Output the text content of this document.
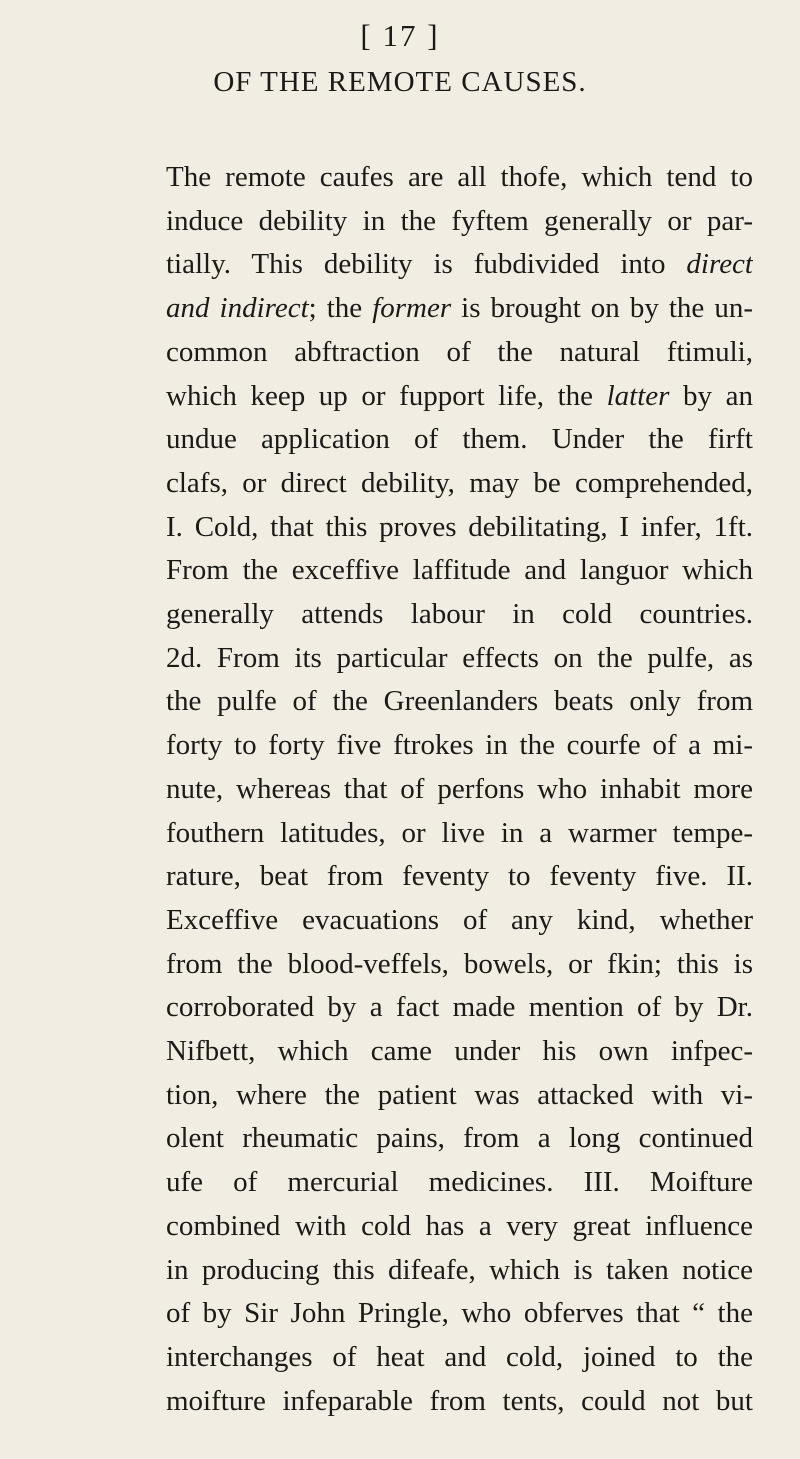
[ 17 ]
OF THE REMOTE CAUSES.
The remote caufes are all thofe, which tend to
induce debility in the fyftem generally or par-
tially. This debility is fubdivided into direct
and indirect; the former is brought on by the un-
common abftraction of the natural ftimuli,
which keep up or fupport life, the latter by an
undue application of them. Under the firft
clafs, or direct debility, may be comprehended,
I. Cold, that this proves debilitating, I infer, 1ft.
From the exceffive laffitude and languor which
generally attends labour in cold countries.
2d. From its particular effects on the pulfe, as
the pulfe of the Greenlanders beats only from
forty to forty five ftrokes in the courfe of a mi-
nute, whereas that of perfons who inhabit more
fouthern latitudes, or live in a warmer tempe-
rature, beat from feventy to feventy five. II.
Exceffive evacuations of any kind, whether
from the blood-veffels, bowels, or fkin; this is
corroborated by a fact made mention of by Dr.
Nifbett, which came under his own infpec-
tion, where the patient was attacked with vi-
olent rheumatic pains, from a long continued
ufe of mercurial medicines. III. Moifture
combined with cold has a very great influence
in producing this difeafe, which is taken notice
of by Sir John Pringle, who obferves that “ the
interchanges of heat and cold, joined to the
moifture infeparable from tents, could not but
